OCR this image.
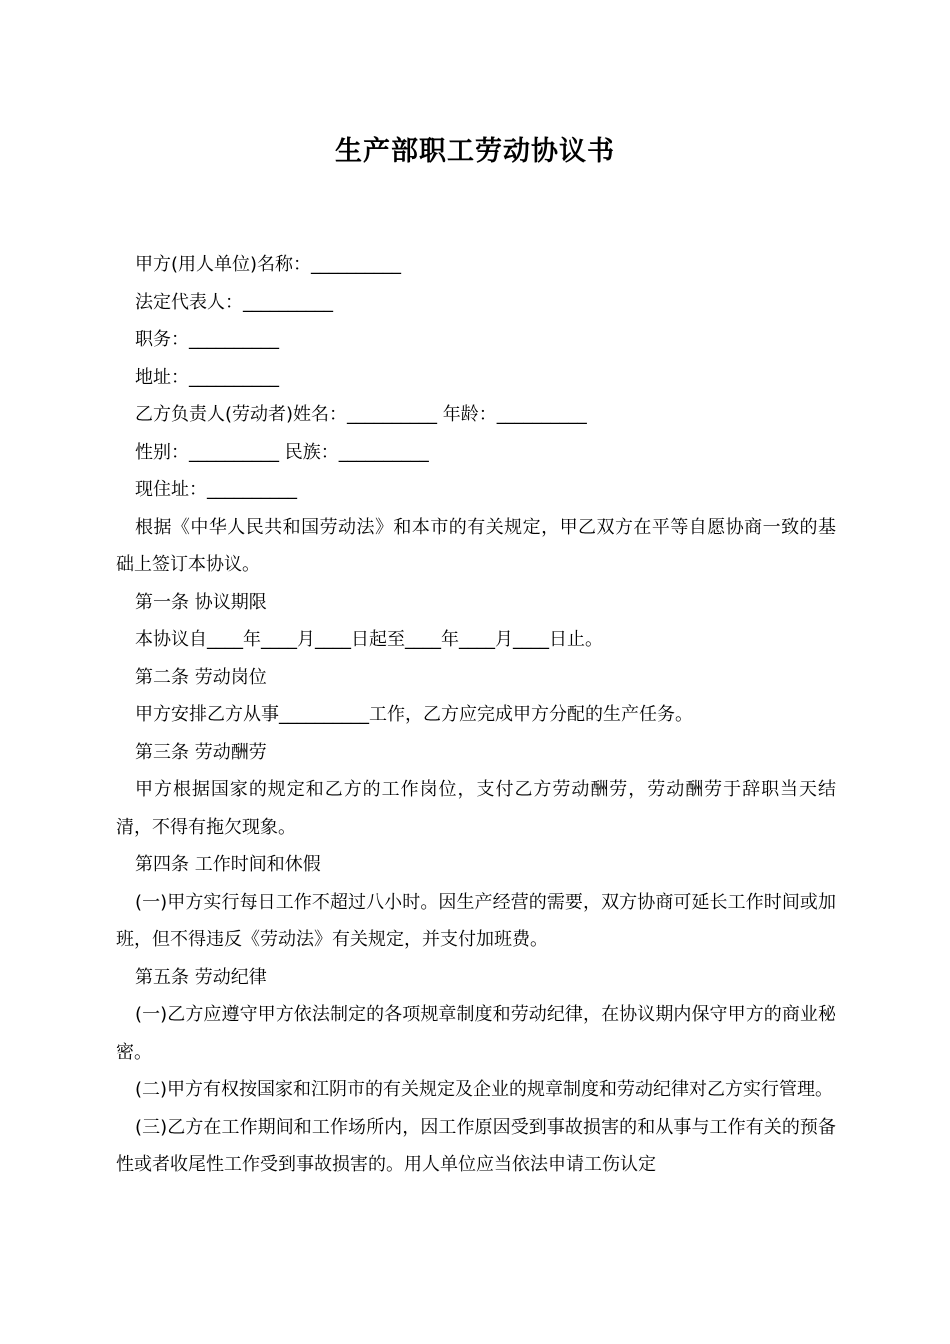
生产部职工劳动协议书

甲方(用人单位)名称：__________

法定代表人：__________

职务：__________

地址：__________

乙方负责人(劳动者)姓名：__________ 年龄：__________

性别：__________ 民族：__________

现住址：__________

根据《中华人民共和国劳动法》和本市的有关规定，甲乙双方在平等自愿协商一致的基础上签订本协议。

第一条 协议期限

本协议自____年____月____日起至____年____月____日止。

第二条 劳动岗位

甲方安排乙方从事__________工作，乙方应完成甲方分配的生产任务。

第三条 劳动酬劳

甲方根据国家的规定和乙方的工作岗位，支付乙方劳动酬劳，劳动酬劳于辞职当天结清，不得有拖欠现象。

第四条 工作时间和休假

(一)甲方实行每日工作不超过八小时。因生产经营的需要，双方协商可延长工作时间或加班，但不得违反《劳动法》有关规定，并支付加班费。

第五条 劳动纪律

(一)乙方应遵守甲方依法制定的各项规章制度和劳动纪律，在协议期内保守甲方的商业秘密。

(二)甲方有权按国家和江阴市的有关规定及企业的规章制度和劳动纪律对乙方实行管理。

(三)乙方在工作期间和工作场所内，因工作原因受到事故损害的和从事与工作有关的预备性或者收尾性工作受到事故损害的。用人单位应当依法申请工伤认定
